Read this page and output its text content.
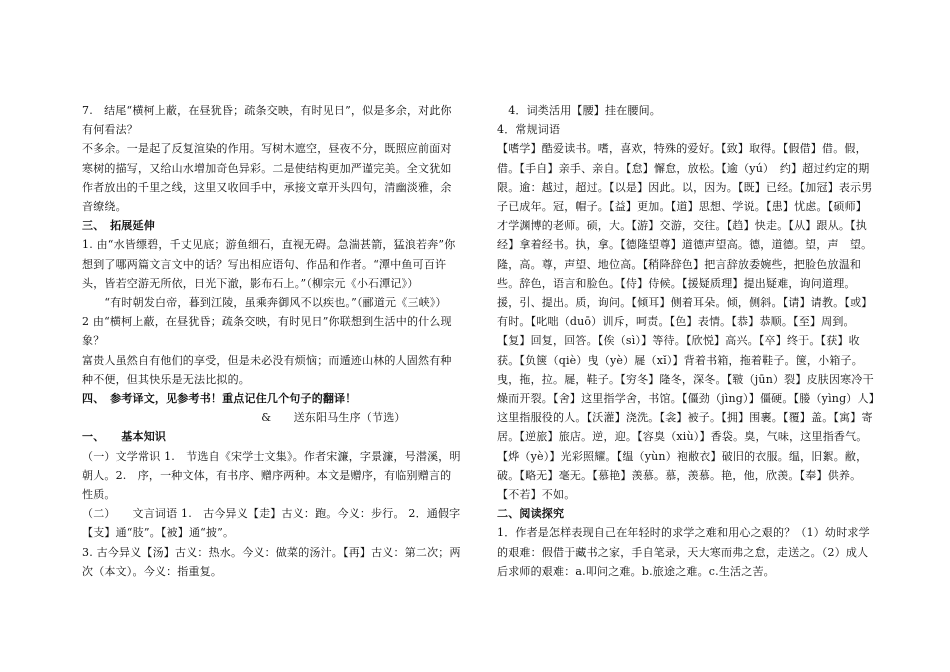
7.　结尾“横柯上蔽，在昼犹昏；疏条交映，有时见日”，似是多余，对此你有何看法？

不多余。一是起了反复渲染的作用。写树木遮空，昼夜不分，既照应前面对寒树的描写，又给山水增加奇色异彩。二是使结构更加严谨完美。全文犹如作者放出的千里之线，这里又收回手中，承接文章开头四句，清幽淡雅，余音缭绕。

三、　拓展延伸

1. 由“水皆缥碧，千丈见底；游鱼细石，直视无碍。急湍甚箭，猛浪若奔”你想到了哪两篇文言文中的话？写出相应语句、作品和作者。“潭中鱼可百许头，皆若空游无所依，日光下澈，影布石上。”（柳宗元《小石潭记》）

　　“有时朝发白帝，暮到江陵，虽乘奔御风不以疾也。”（郦道元《三峡》）

2 由“横柯上蔽，在昼犹昏；疏条交映，有时见日”你联想到生活中的什么现象？

富贵人虽然自有他们的享受，但是未必没有烦恼；而遁迹山林的人固然有种种不便，但其快乐是无法比拟的。

四、　参考译文，见参考书！重点记住几个句子的翻译！

　　　　　　　　　　　　　　　　&　　送东阳马生序（节选）

一、　　基本知识

（一）文学常识 1.　节选自《宋学士文集》。作者宋濂，字景濂，号潜溪，明朝人。2.　序，一种文体，有书序、赠序两种。本文是赠序，有临别赠言的性质。

（二）　　文言词语 1.　古今异义【走】古义：跑。今义：步行。 2．通假字【支】通“肢”。【被】通“披”。

3. 古今异义【汤】古义：热水。今义：做菜的汤汁。【再】古义：第二次；两次（本文）。今义：指重复。

　4．词类活用【腰】挂在腰间。

4．常规词语

【嗜学】酷爱读书。嗜，喜欢，特殊的爱好。【致】取得。【假借】借。假，借。【手自】亲手、亲自。【怠】懈怠，放松。【逾（yú）　约】超过约定的期限。逾：越过，超过。【以是】因此。以，因为。【既】已经。【加冠】表示男子已成年。冠，帽子。【益】更加。【道】思想、学说。【患】忧虑。【硕师】才学渊博的老师。硕，大。【游】交游，交往。【趋】快走。【从】跟从。【执经】拿着经书。执，拿。【德隆望尊】道德声望高。德，道德。望，声　望。隆，高。尊，声望、地位高。【稍降辞色】把言辞放委婉些，把脸色放温和些。辞色，语言和脸色。【侍】侍候。【援疑质理】提出疑难，询问道理。援，引、提出。质，询问。【倾耳】侧着耳朵。倾，侧斜。【请】请教。【或】有时。【叱咄（duō）训斥，呵责。【色】表情。【恭】恭顺。【至】周到。【复】回复，回答。【俟（sì）】等待。【欣悦】高兴。【卒】终于。【获】收获。【负箧（qiè）曳（yè）屣（xǐ）】背着书箱，拖着鞋子。箧，小箱子。曳，拖，拉。屣，鞋子。【穷冬】隆冬，深冬。【皲（jūn）裂】皮肤因寒冷干燥而开裂。【舍】这里指学舍，书馆。【僵劲（jìng）】僵硬。【媵（yìng）人】这里指服役的人。【沃灌】浇洗。【衾】被子。【拥】围裹。【覆】盖。【寓】寄居。【逆旅】旅店。逆，迎。【容臭（xiù）】香袋。臭，气味，这里指香气。【烨（yè）】光彩照耀。【缊（yùn）袍敝衣】破旧的衣服。缊，旧絮。敝，破。【略无】毫无。【慕艳】羡慕。慕，羡慕。艳，他，欣羡。【奉】供养。【不若】不如。

二、阅读探究

1．作者是怎样表现自己在年轻时的求学之难和用心之艰的？（1）幼时求学的艰难：假借于藏书之家，手自笔录，天大寒而弗之怠，走送之。（2）成人后求师的艰难：a.叩问之难。b.旅途之难。c.生活之苦。
